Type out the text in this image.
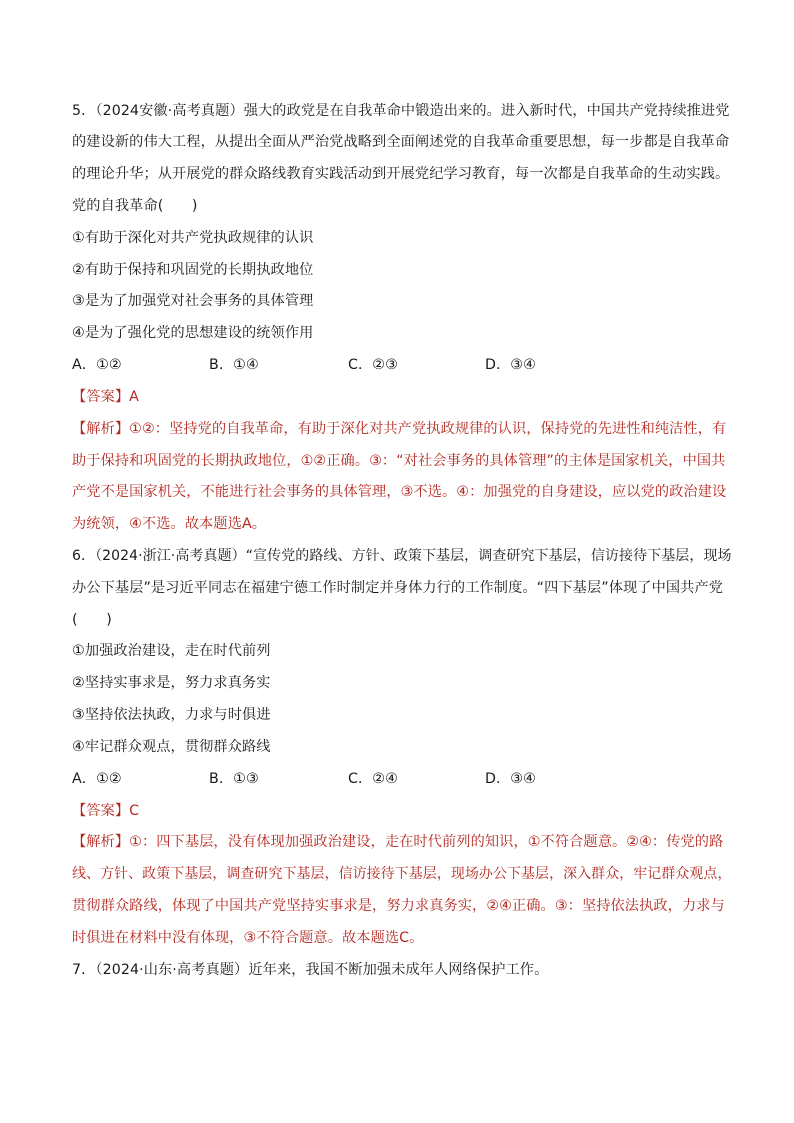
5．（2024安徽·高考真题）强大的政党是在自我革命中锻造出来的。进入新时代，中国共产党持续推进党
的建设新的伟大工程，从提出全面从严治党战略到全面阐述党的自我革命重要思想，每一步都是自我革命
的理论升华；从开展党的群众路线教育实践活动到开展党纪学习教育，每一次都是自我革命的生动实践。
党的自我革命(　　)
①有助于深化对共产党执政规律的认识
②有助于保持和巩固党的长期执政地位
③是为了加强党对社会事务的具体管理
④是为了强化党的思想建设的统领作用
A．①②	B．①④	C．②③	D．③④
【答案】A
【解析】①②：坚持党的自我革命，有助于深化对共产党执政规律的认识，保持党的先进性和纯洁性，有
助于保持和巩固党的长期执政地位，①②正确。③：“对社会事务的具体管理”的主体是国家机关，中国共
产党不是国家机关，不能进行社会事务的具体管理，③不选。④：加强党的自身建设，应以党的政治建设
为统领，④不选。故本题选A。
6．（2024·浙江·高考真题）“宣传党的路线、方针、政策下基层，调查研究下基层，信访接待下基层，现场
办公下基层”是习近平同志在福建宁德工作时制定并身体力行的工作制度。“四下基层”体现了中国共产党
(　　)
①加强政治建设，走在时代前列
②坚持实事求是，努力求真务实
③坚持依法执政，力求与时俱进
④牢记群众观点，贯彻群众路线
A．①②	B．①③	C．②④	D．③④
【答案】C
【解析】①：四下基层，没有体现加强政治建设，走在时代前列的知识，①不符合题意。②④：传党的路
线、方针、政策下基层，调查研究下基层，信访接待下基层，现场办公下基层，深入群众，牢记群众观点，
贯彻群众路线，体现了中国共产党坚持实事求是，努力求真务实，②④正确。③：坚持依法执政，力求与
时俱进在材料中没有体现，③不符合题意。故本题选C。
7．（2024·山东·高考真题）近年来，我国不断加强未成年人网络保护工作。
